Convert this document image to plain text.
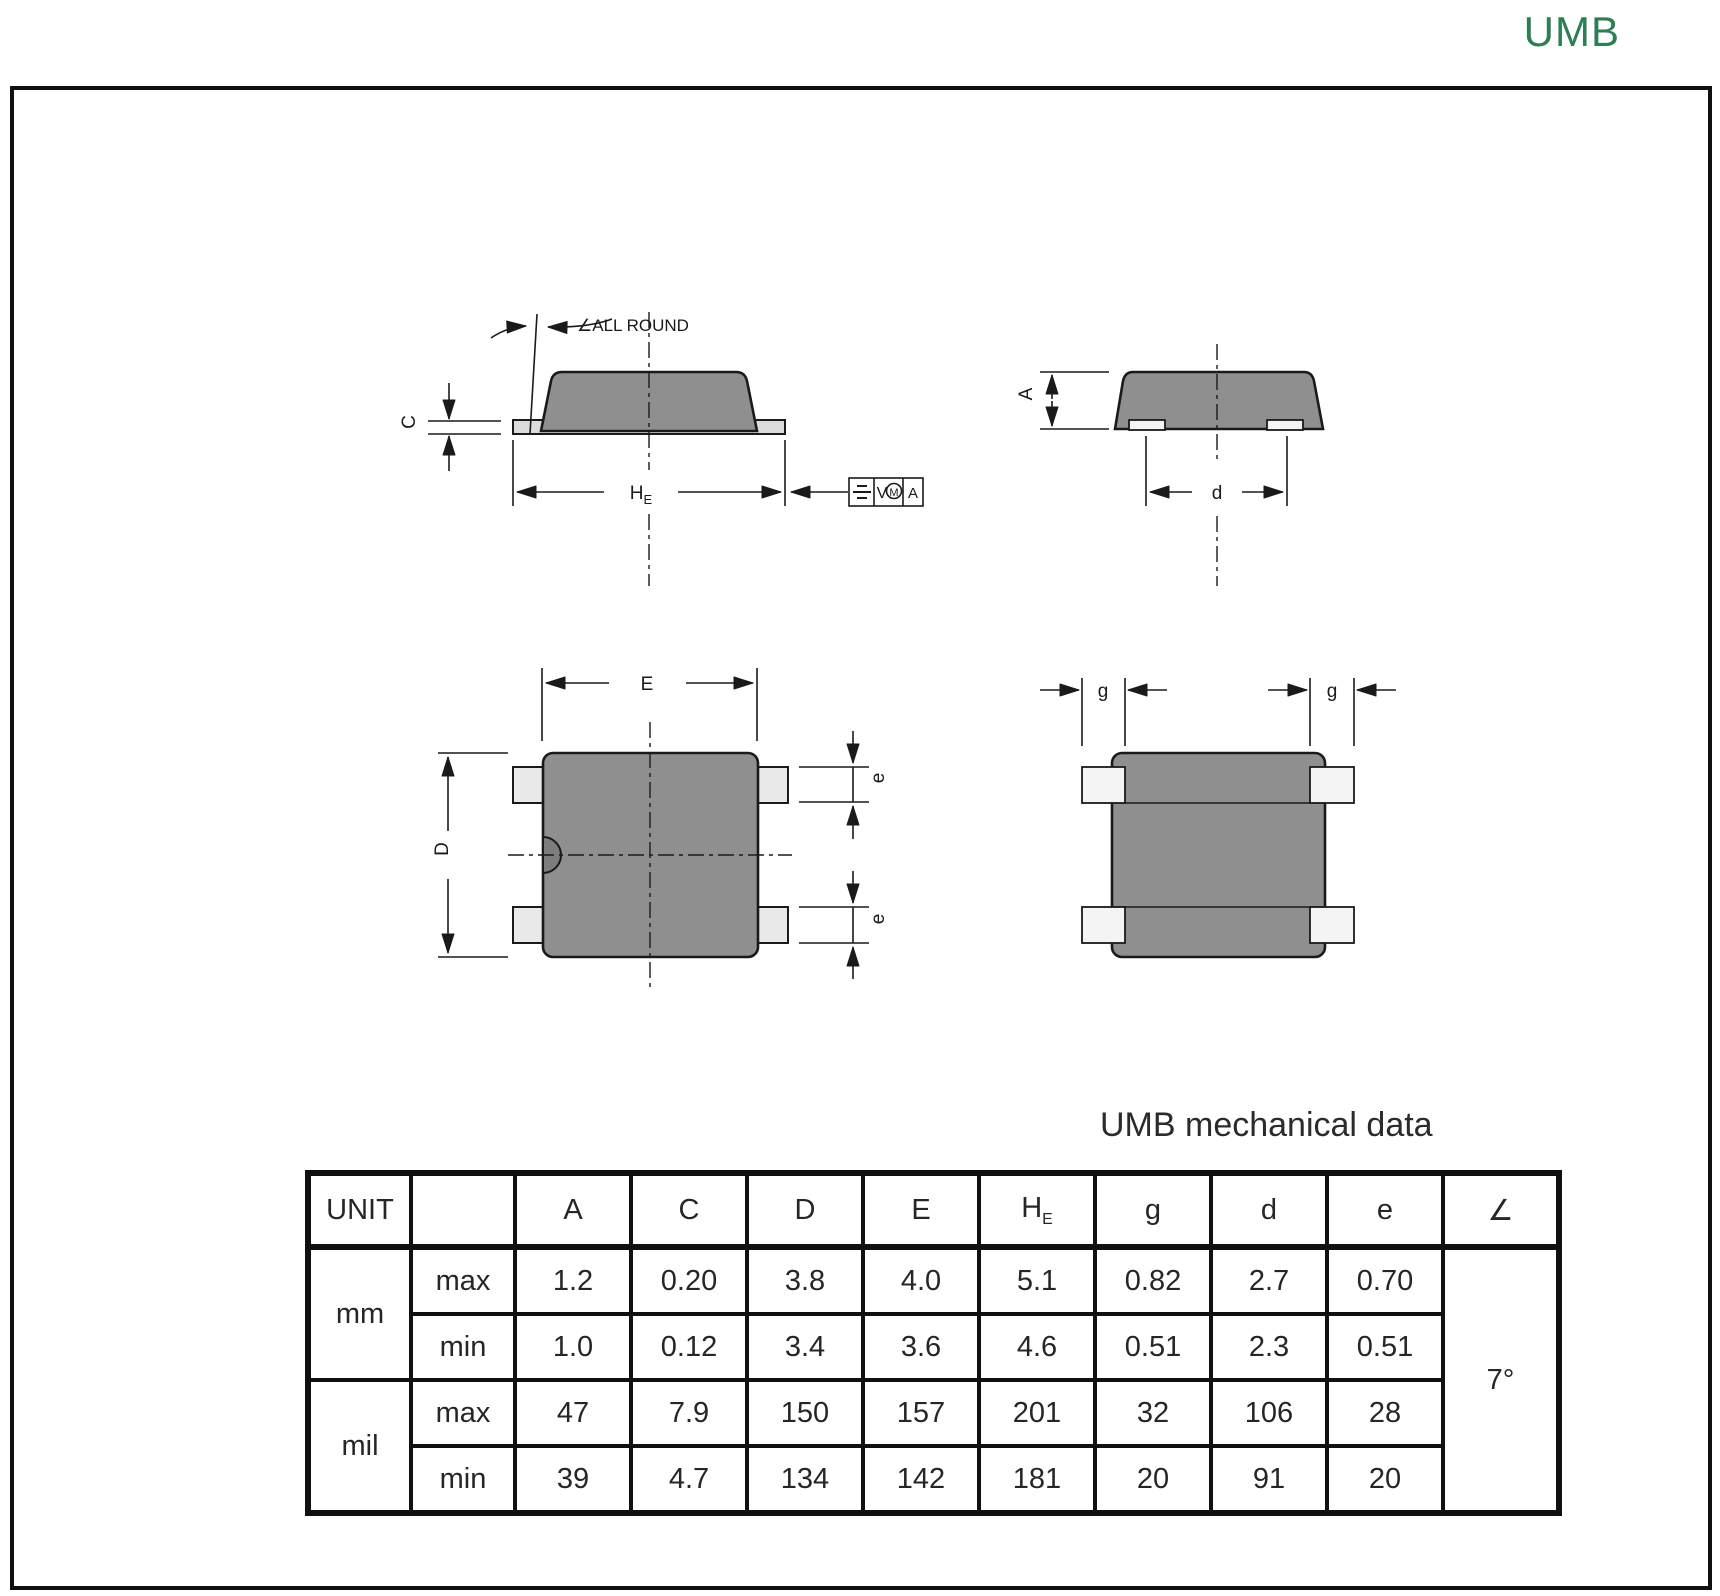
UMB
∠ALL ROUND
C
$H_E$	V M A
A
d
E
D
e
e
g	g
UMB mechanical data
UNIT		A	C	D	E	$H_E$	g	d	e	∠
mm	max	1.2	0.20	3.8	4.0	5.1	0.82	2.7	0.70	7°
	min	1.0	0.12	3.4	3.6	4.6	0.51	2.3	0.51	
mil	max	47	7.9	150	157	201	32	106	28	
	min	39	4.7	134	142	181	20	91	20	
